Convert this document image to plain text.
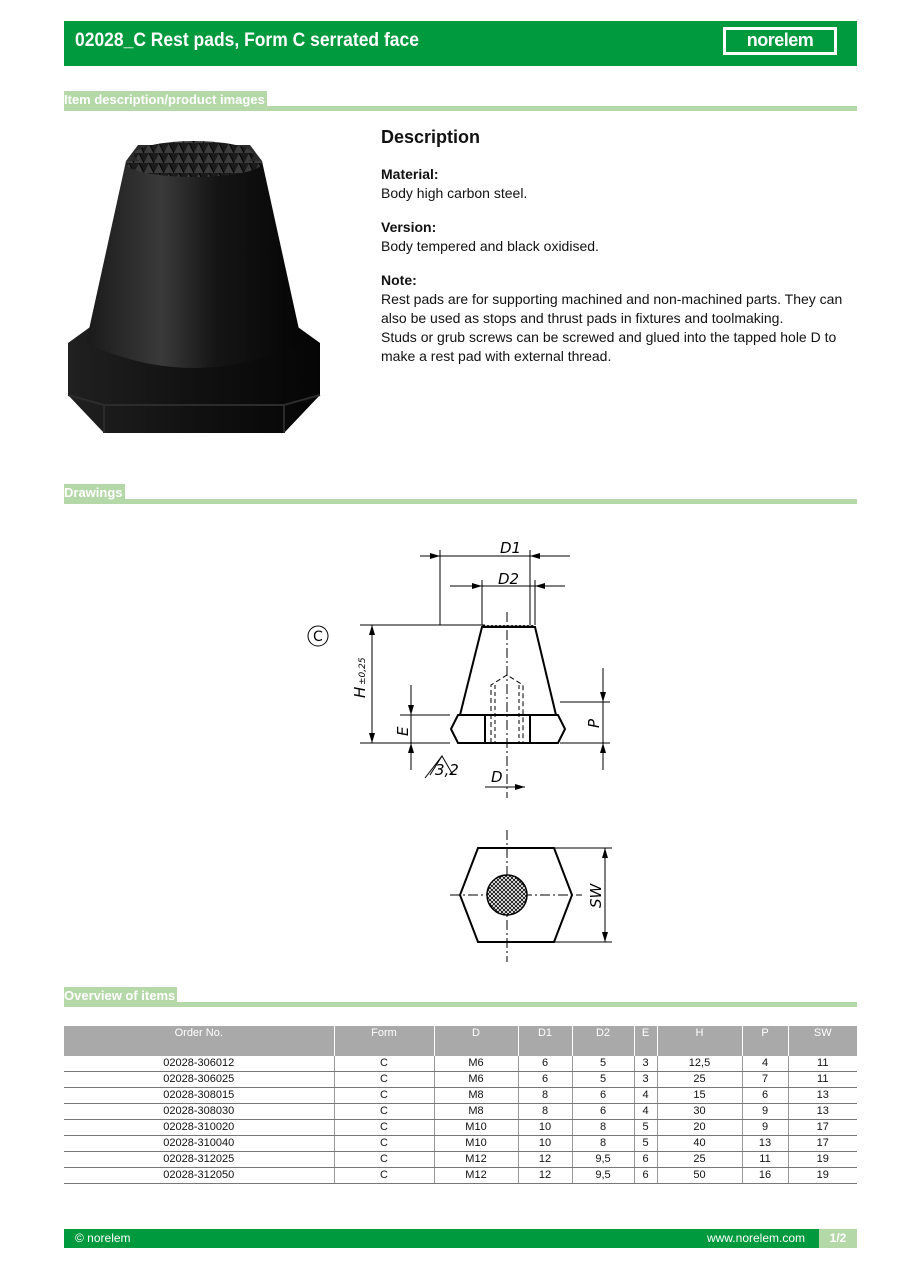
02028_C Rest pads, Form C serrated face	norelem
Item description/product images
Description
Material:

Body high carbon steel.

Version:

Body tempered and black oxidised.

Note:
Rest pads are for supporting machined and non-machined parts. They can also be used as stops and thrust pads in fixtures and toolmaking.
Studs or grub screws can be screwed and glued into the tapped hole D to make a rest pad with external thread.
Drawings
D1
D2
H
±0,25
E
P
3,2 D
C
SW
Overview of items
Order No.	Form	D	D1	D2	E	H	P	SW
02028-306012	C	M6	6	5	3	12,5	4	11
02028-306025	C	M6	6	5	3	25	7	11
02028-308015	C	M8	8	6	4	15	6	13
02028-308030	C	M8	8	6	4	30	9	13
02028-310020	C	M10	10	8	5	20	9	17
02028-310040	C	M10	10	8	5	40	13	17
02028-312025	C	M12	12	9,5	6	25	11	19
02028-312050	C	M12	12	9,5	6	50	16	19
© norelem	www.norelem.com	1/2
